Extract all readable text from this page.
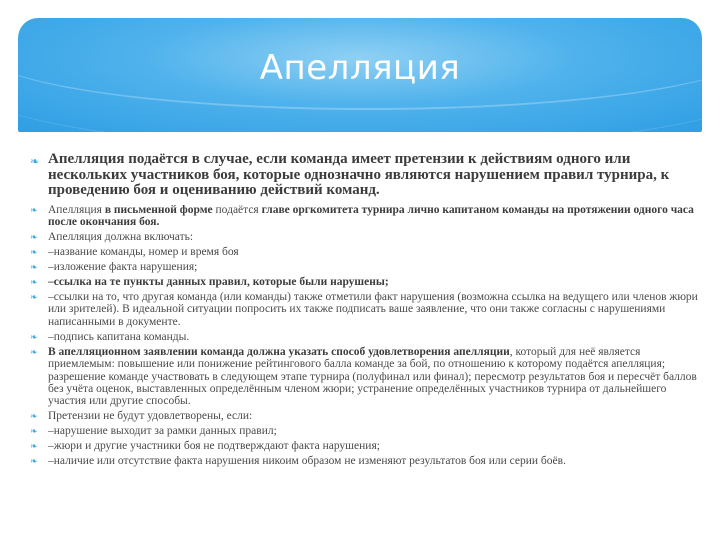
Апелляция
❧ Апелляция подаётся в случае, если команда имеет претензии к действиям одного или нескольких участников боя, которые однозначно являются нарушением правил турнира, к проведению боя и оцениванию действий команд.
❧ Апелляция в письменной форме подаётся главе оргкомитета турнира лично капитаном команды на протяжении одного часа после окончания боя.
❧ Апелляция должна включать:
❧ –название команды, номер и время боя
❧ –изложение факта нарушения;
❧ –ссылка на те пункты данных правил, которые были нарушены;
❧ –ссылки на то, что другая команда (или команды) также отметили факт нарушения (возможна ссылка на ведущего или членов жюри или зрителей). В идеальной ситуации попросить их также подписать ваше заявление, что они также согласны с нарушениями написанными в документе.
❧ –подпись капитана команды.
❧ В апелляционном заявлении команда должна указать способ удовлетворения апелляции, который для неё является приемлемым: повышение или понижение рейтингового балла команде за бой, по отношению к которому подаётся апелляция; разрешение команде участвовать в следующем этапе турнира (полуфинал или финал); пересмотр результатов боя и пересчёт баллов без учёта оценок, выставленных определённым членом жюри; устранение определённых участников турнира от дальнейшего участия или другие способы.
❧ Претензии не будут удовлетворены, если:
❧ –нарушение выходит за рамки данных правил;
❧ –жюри и другие участники боя не подтверждают факта нарушения;
❧ –наличие или отсутствие факта нарушения никоим образом не изменяют результатов боя или серии боёв.
